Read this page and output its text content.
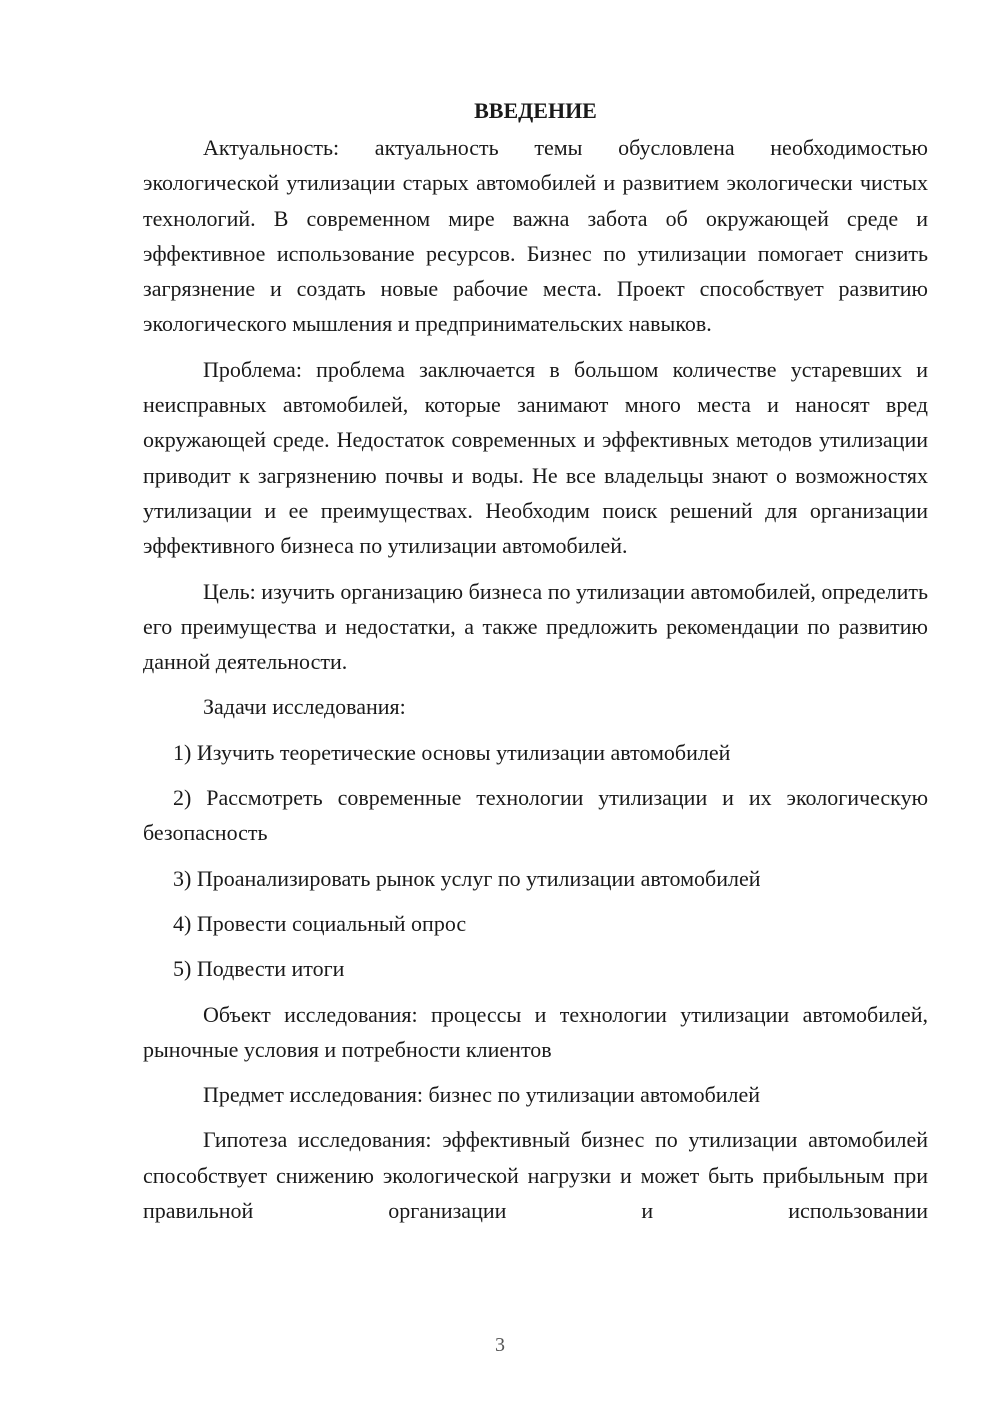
ВВЕДЕНИЕ

Актуальность: актуальность темы обусловлена необходимостью экологической утилизации старых автомобилей и развитием экологически чистых технологий. В современном мире важна забота об окружающей среде и эффективное использование ресурсов. Бизнес по утилизации помогает снизить загрязнение и создать новые рабочие места. Проект способствует развитию экологического мышления и предпринимательских навыков.

Проблема: проблема заключается в большом количестве устаревших и неисправных автомобилей, которые занимают много места и наносят вред окружающей среде. Недостаток современных и эффективных методов утилизации приводит к загрязнению почвы и воды. Не все владельцы знают о возможностях утилизации и ее преимуществах. Необходим поиск решений для организации эффективного бизнеса по утилизации автомобилей.

Цель: изучить организацию бизнеса по утилизации автомобилей, определить его преимущества и недостатки, а также предложить рекомендации по развитию данной деятельности.

Задачи исследования:

1) Изучить теоретические основы утилизации автомобилей

2) Рассмотреть современные технологии утилизации и их экологическую безопасность

3) Проанализировать рынок услуг по утилизации автомобилей

4) Провести социальный опрос

5) Подвести итоги

Объект исследования: процессы и технологии утилизации автомобилей, рыночные условия и потребности клиентов

Предмет исследования: бизнес по утилизации автомобилей

Гипотеза исследования: эффективный бизнес по утилизации автомобилей способствует снижению экологической нагрузки и может быть прибыльным при правильной организации и использовании

3
